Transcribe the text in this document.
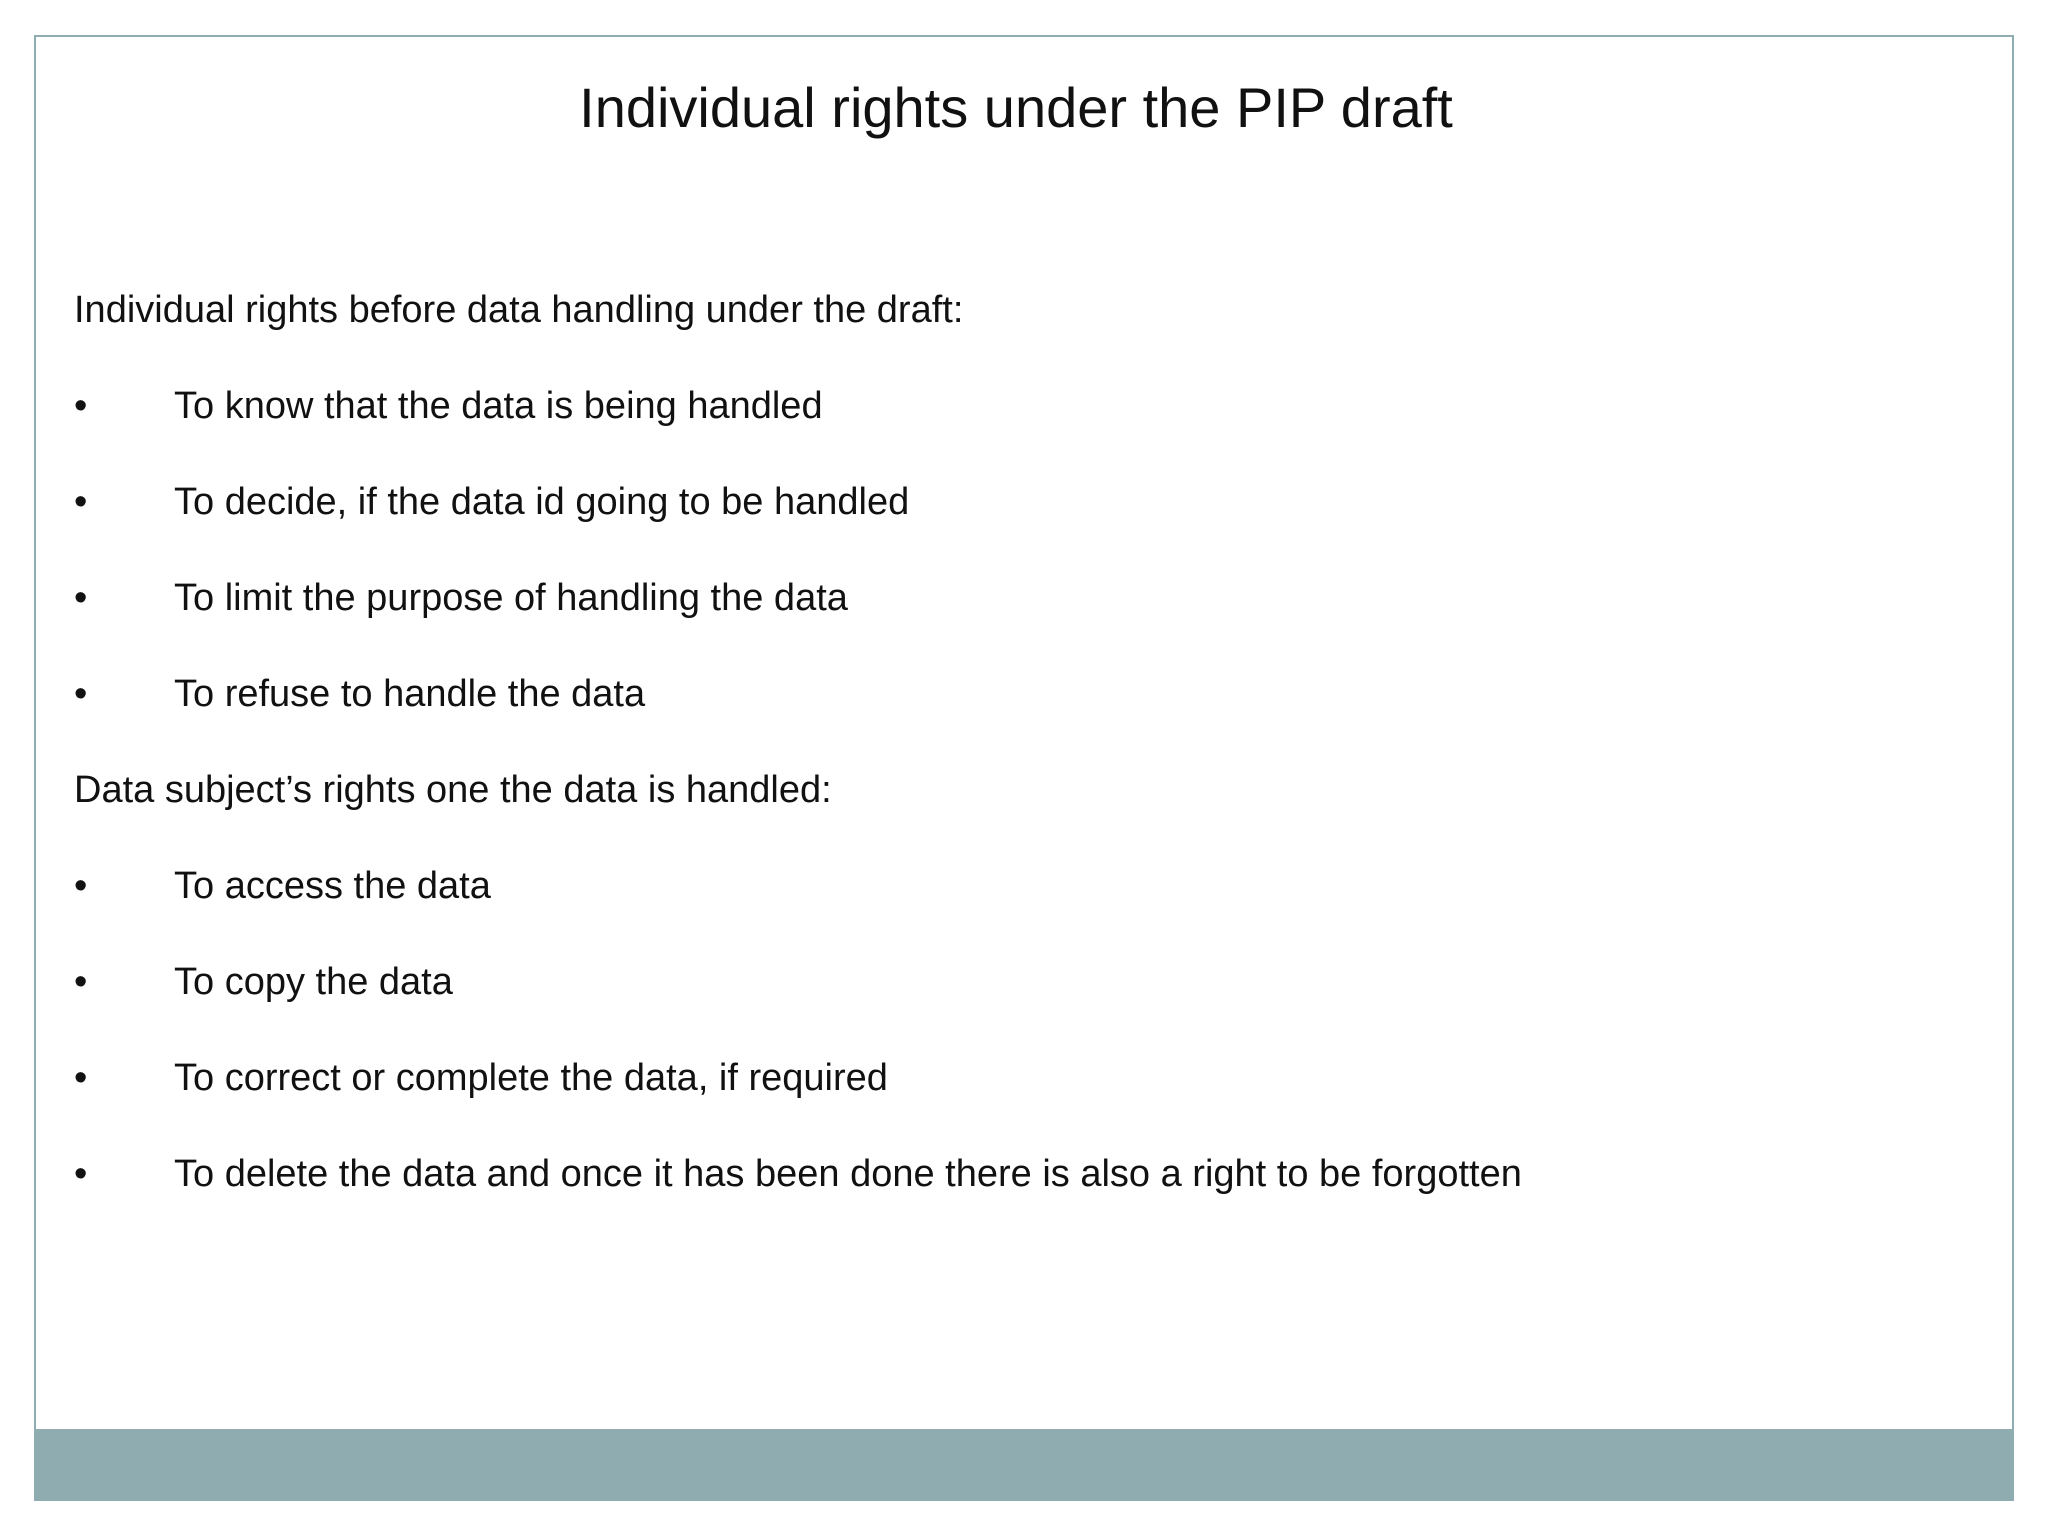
Individual rights under the PIP draft

Individual rights before data handling under the draft:

•	To know that the data is being handled
•	To decide, if the data id going to be handled
•	To limit the purpose of handling the data
•	To refuse to handle the data

Data subject’s rights one the data is handled:

•	To access the data
•	To copy the data
•	To correct or complete the data, if required
•	To delete the data and once it has been done there is also a right to be forgotten
